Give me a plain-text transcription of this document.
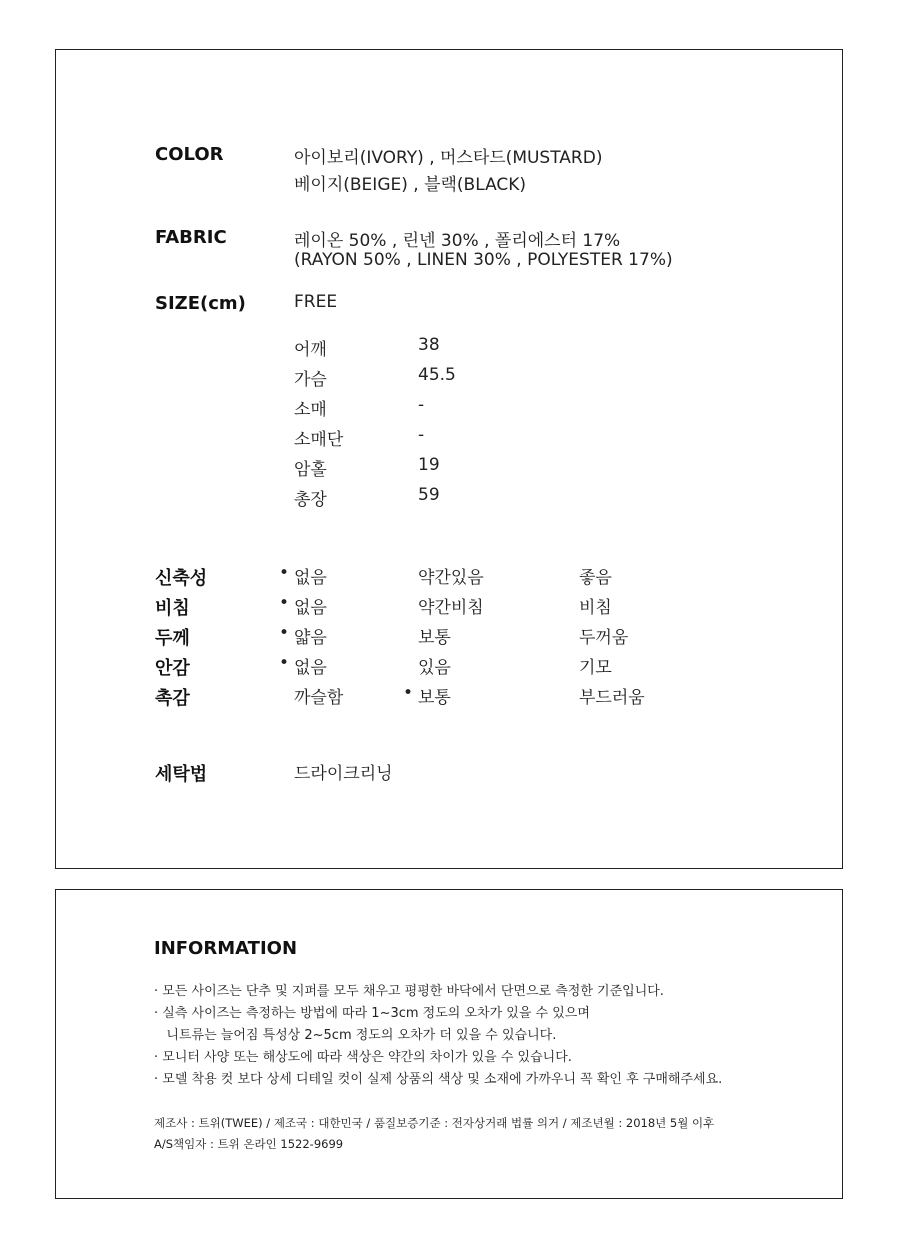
COLOR	아이보리(IVORY) , 머스타드(MUSTARD)
베이지(BEIGE) , 블랙(BLACK)
FABRIC	레이온 50% , 린넨 30% , 폴리에스터 17%
(RAYON 50% , LINEN 30% , POLYESTER 17%)
SIZE(cm)	FREE
어깨	38
가슴	45.5
소매	-
소매단	-
암홀	19
총장	59
신축성	• 없음	약간있음	좋음
비침	• 없음	약간비침	비침
두께	• 얇음	보통	두꺼움
안감	• 없음	있음	기모
촉감	까슬함	• 보통	부드러움
세탁법	드라이크리닝
INFORMATION
· 모든 사이즈는 단추 및 지퍼를 모두 채우고 평평한 바닥에서 단면으로 측정한 기준입니다.
· 실측 사이즈는 측정하는 방법에 따라 1~3cm 정도의 오차가 있을 수 있으며
니트류는 늘어짐 특성상 2~5cm 정도의 오차가 더 있을 수 있습니다.
· 모니터 사양 또는 해상도에 따라 색상은 약간의 차이가 있을 수 있습니다.
· 모델 착용 컷 보다 상세 디테일 컷이 실제 상품의 색상 및 소재에 가까우니 꼭 확인 후 구매해주세요.
제조사 : 트위(TWEE) / 제조국 : 대한민국 / 품질보증기준 : 전자상거래 법률 의거 / 제조년월 : 2018년 5월 이후
A/S책임자 : 트위 온라인 1522-9699
